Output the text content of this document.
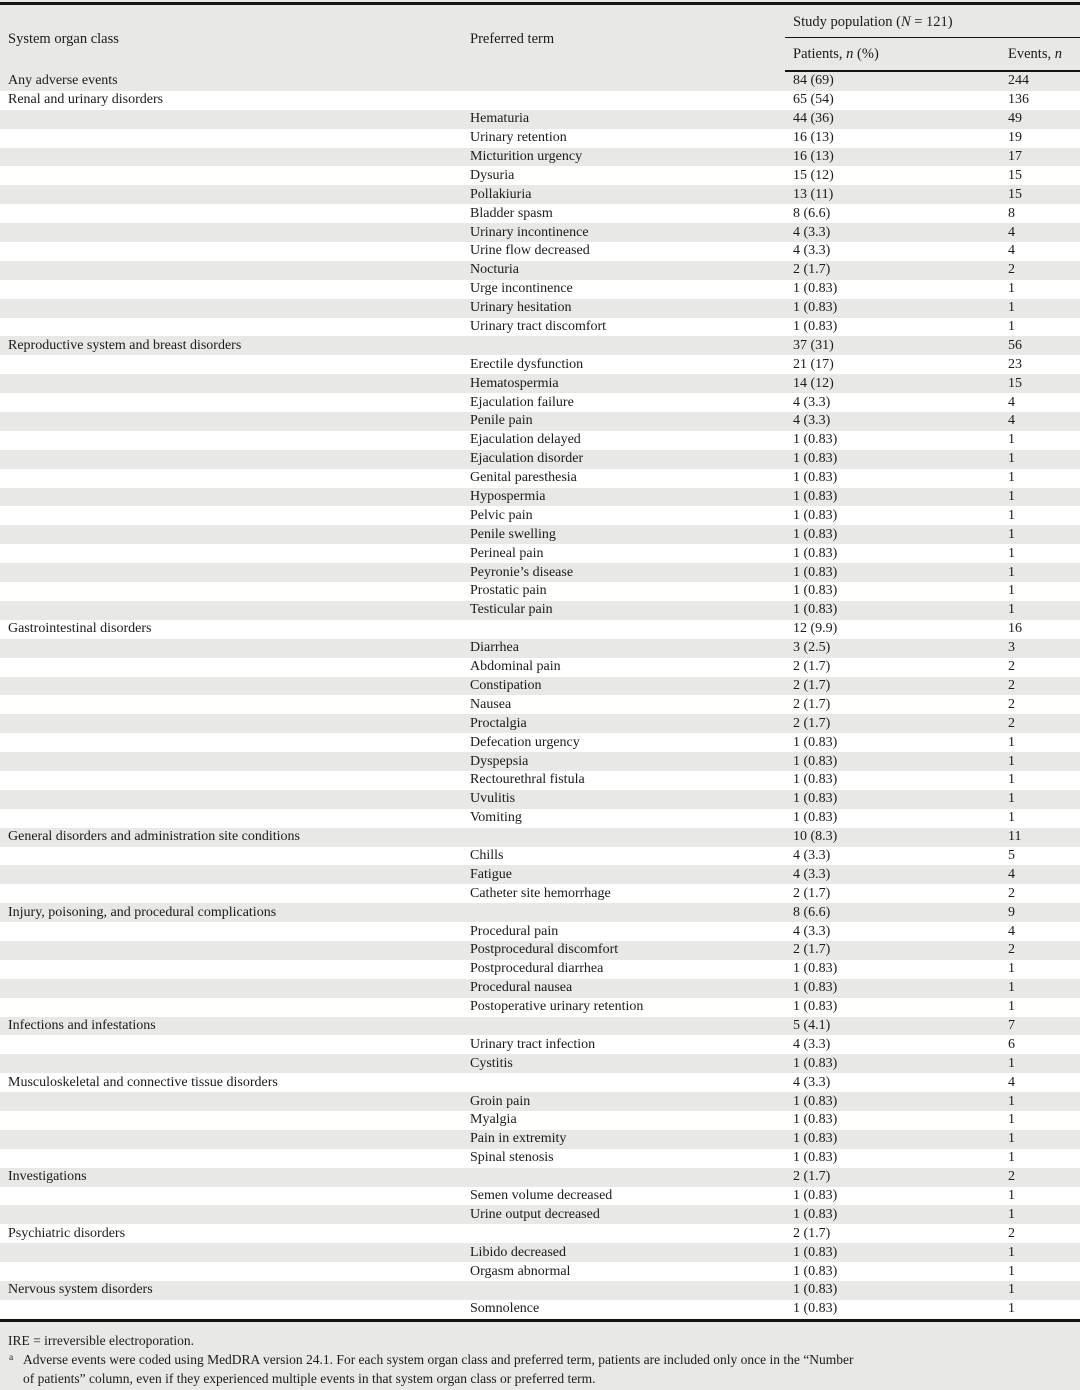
System organ class	Preferred term	Study population (N = 121)	
		Patients, n (%)	Events, n
Any adverse events		84 (69)	244
Renal and urinary disorders		65 (54)	136
	Hematuria	44 (36)	49
	Urinary retention	16 (13)	19
	Micturition urgency	16 (13)	17
	Dysuria	15 (12)	15
	Pollakiuria	13 (11)	15
	Bladder spasm	8 (6.6)	8
	Urinary incontinence	4 (3.3)	4
	Urine flow decreased	4 (3.3)	4
	Nocturia	2 (1.7)	2
	Urge incontinence	1 (0.83)	1
	Urinary hesitation	1 (0.83)	1
	Urinary tract discomfort	1 (0.83)	1
Reproductive system and breast disorders		37 (31)	56
	Erectile dysfunction	21 (17)	23
	Hematospermia	14 (12)	15
	Ejaculation failure	4 (3.3)	4
	Penile pain	4 (3.3)	4
	Ejaculation delayed	1 (0.83)	1
	Ejaculation disorder	1 (0.83)	1
	Genital paresthesia	1 (0.83)	1
	Hypospermia	1 (0.83)	1
	Pelvic pain	1 (0.83)	1
	Penile swelling	1 (0.83)	1
	Perineal pain	1 (0.83)	1
	Peyronie’s disease	1 (0.83)	1
	Prostatic pain	1 (0.83)	1
	Testicular pain	1 (0.83)	1
Gastrointestinal disorders		12 (9.9)	16
	Diarrhea	3 (2.5)	3
	Abdominal pain	2 (1.7)	2
	Constipation	2 (1.7)	2
	Nausea	2 (1.7)	2
	Proctalgia	2 (1.7)	2
	Defecation urgency	1 (0.83)	1
	Dyspepsia	1 (0.83)	1
	Rectourethral fistula	1 (0.83)	1
	Uvulitis	1 (0.83)	1
	Vomiting	1 (0.83)	1
General disorders and administration site conditions		10 (8.3)	11
	Chills	4 (3.3)	5
	Fatigue	4 (3.3)	4
	Catheter site hemorrhage	2 (1.7)	2
Injury, poisoning, and procedural complications		8 (6.6)	9
	Procedural pain	4 (3.3)	4
	Postprocedural discomfort	2 (1.7)	2
	Postprocedural diarrhea	1 (0.83)	1
	Procedural nausea	1 (0.83)	1
	Postoperative urinary retention	1 (0.83)	1
Infections and infestations		5 (4.1)	7
	Urinary tract infection	4 (3.3)	6
	Cystitis	1 (0.83)	1
Musculoskeletal and connective tissue disorders		4 (3.3)	4
	Groin pain	1 (0.83)	1
	Myalgia	1 (0.83)	1
	Pain in extremity	1 (0.83)	1
	Spinal stenosis	1 (0.83)	1
Investigations		2 (1.7)	2
	Semen volume decreased	1 (0.83)	1
	Urine output decreased	1 (0.83)	1
Psychiatric disorders		2 (1.7)	2
	Libido decreased	1 (0.83)	1
	Orgasm abnormal	1 (0.83)	1
Nervous system disorders		1 (0.83)	1
	Somnolence	1 (0.83)	1
IRE = irreversible electroporation.
a Adverse events were coded using MedDRA version 24.1. For each system organ class and preferred term, patients are included only once in the “Number
of patients” column, even if they experienced multiple events in that system organ class or preferred term.
